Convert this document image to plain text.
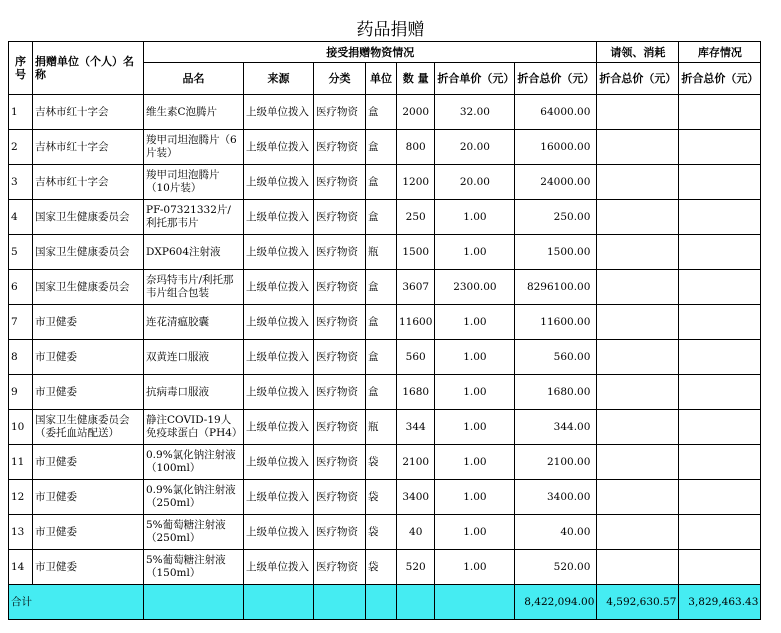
药品捐赠
序号	捐赠单位（个人）名称	接受捐赠物资情况							请领、消耗	库存情况
		品名	来源	分类	单位	数 量	折合单价（元）	折合总价（元）	折合总价（元）	折合总价（元）
1	吉林市红十字会	维生素C泡腾片	上级单位拨入	医疗物资	盒	2000	32.00	64000.00		
2	吉林市红十字会	羧甲司坦泡腾片（6片装）	上级单位拨入	医疗物资	盒	800	20.00	16000.00		
3	吉林市红十字会	羧甲司坦泡腾片（10片装）	上级单位拨入	医疗物资	盒	1200	20.00	24000.00		
4	国家卫生健康委员会	PF-07321332片/利托那韦片	上级单位拨入	医疗物资	盒	250	1.00	250.00		
5	国家卫生健康委员会	DXP604注射液	上级单位拨入	医疗物资	瓶	1500	1.00	1500.00		
6	国家卫生健康委员会	奈玛特韦片/利托那韦片组合包装	上级单位拨入	医疗物资	盒	3607	2300.00	8296100.00		
7	市卫健委	连花清瘟胶囊	上级单位拨入	医疗物资	盒	11600	1.00	11600.00		
8	市卫健委	双黄连口服液	上级单位拨入	医疗物资	盒	560	1.00	560.00		
9	市卫健委	抗病毒口服液	上级单位拨入	医疗物资	盒	1680	1.00	1680.00		
10	国家卫生健康委员会（委托血站配送）	静注COVID-19人免疫球蛋白（PH4）	上级单位拨入	医疗物资	瓶	344	1.00	344.00		
11	市卫健委	0.9%氯化钠注射液（100ml）	上级单位拨入	医疗物资	袋	2100	1.00	2100.00		
12	市卫健委	0.9%氯化钠注射液（250ml）	上级单位拨入	医疗物资	袋	3400	1.00	3400.00		
13	市卫健委	5%葡萄糖注射液（250ml）	上级单位拨入	医疗物资	袋	40	1.00	40.00		
14	市卫健委	5%葡萄糖注射液（150ml）	上级单位拨入	医疗物资	袋	520	1.00	520.00		
合计								8,422,094.00	4,592,630.57	3,829,463.43
